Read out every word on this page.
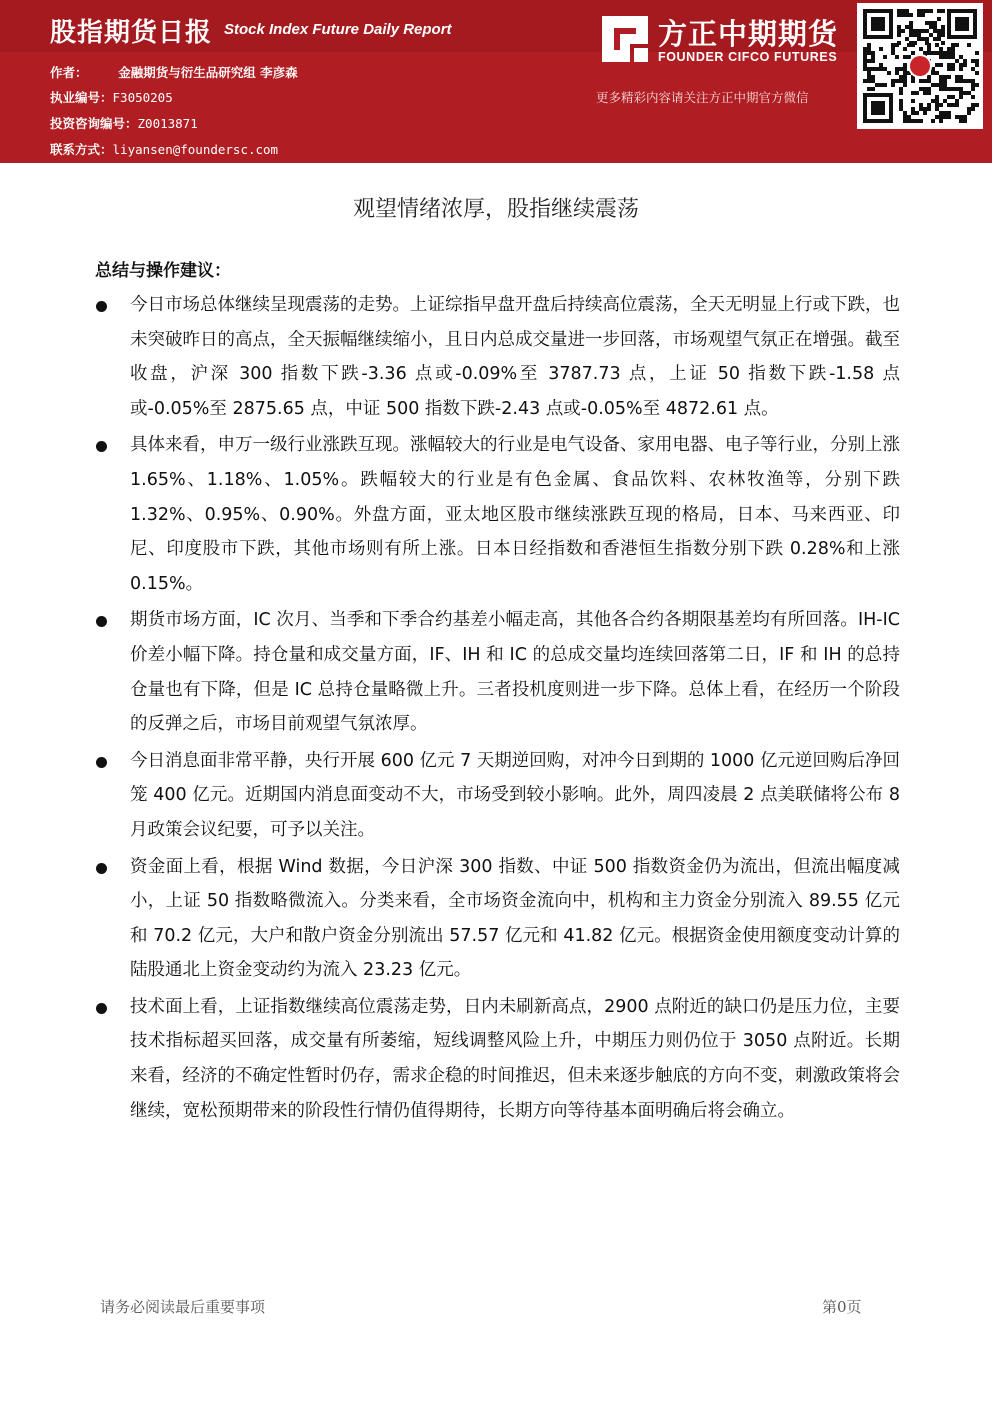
股指期货日报 Stock Index Future Daily Report
作者： 金融期货与衍生品研究组 李彦森
执业编号：F3050205
投资咨询编号：Z0013871
联系方式：liyansen@foundersc.com
方正中期期货
FOUNDER CIFCO FUTURES
更多精彩内容请关注方正中期官方微信
观望情绪浓厚，股指继续震荡
总结与操作建议：
今日市场总体继续呈现震荡的走势。上证综指早盘开盘后持续高位震荡，全天无明显上行或下跌，也未突破昨日的高点，全天振幅继续缩小，且日内总成交量进一步回落，市场观望气氛正在增强。截至收盘，沪深 300 指数下跌-3.36 点或-0.09%至 3787.73 点，上证 50 指数下跌-1.58 点或-0.05%至 2875.65 点，中证 500 指数下跌-2.43 点或-0.05%至 4872.61 点。
具体来看，申万一级行业涨跌互现。涨幅较大的行业是电气设备、家用电器、电子等行业，分别上涨 1.65%、1.18%、1.05%。跌幅较大的行业是有色金属、食品饮料、农林牧渔等，分别下跌 1.32%、0.95%、0.90%。外盘方面，亚太地区股市继续涨跌互现的格局，日本、马来西亚、印尼、印度股市下跌，其他市场则有所上涨。日本日经指数和香港恒生指数分别下跌 0.28%和上涨 0.15%。
期货市场方面，IC 次月、当季和下季合约基差小幅走高，其他各合约各期限基差均有所回落。IH-IC 价差小幅下降。持仓量和成交量方面，IF、IH 和 IC 的总成交量均连续回落第二日，IF 和 IH 的总持仓量也有下降，但是 IC 总持仓量略微上升。三者投机度则进一步下降。总体上看，在经历一个阶段的反弹之后，市场目前观望气氛浓厚。
今日消息面非常平静，央行开展 600 亿元 7 天期逆回购，对冲今日到期的 1000 亿元逆回购后净回笼 400 亿元。近期国内消息面变动不大，市场受到较小影响。此外，周四凌晨 2 点美联储将公布 8 月政策会议纪要，可予以关注。
资金面上看，根据 Wind 数据，今日沪深 300 指数、中证 500 指数资金仍为流出，但流出幅度减小，上证 50 指数略微流入。分类来看，全市场资金流向中，机构和主力资金分别流入 89.55 亿元和 70.2 亿元，大户和散户资金分别流出 57.57 亿元和 41.82 亿元。根据资金使用额度变动计算的陆股通北上资金变动约为流入 23.23 亿元。
技术面上看，上证指数继续高位震荡走势，日内未刷新高点，2900 点附近的缺口仍是压力位，主要技术指标超买回落，成交量有所萎缩，短线调整风险上升，中期压力则仍位于 3050 点附近。长期来看，经济的不确定性暂时仍存，需求企稳的时间推迟，但未来逐步触底的方向不变，刺激政策将会继续，宽松预期带来的阶段性行情仍值得期待，长期方向等待基本面明确后将会确立。
请务必阅读最后重要事项	第0页
